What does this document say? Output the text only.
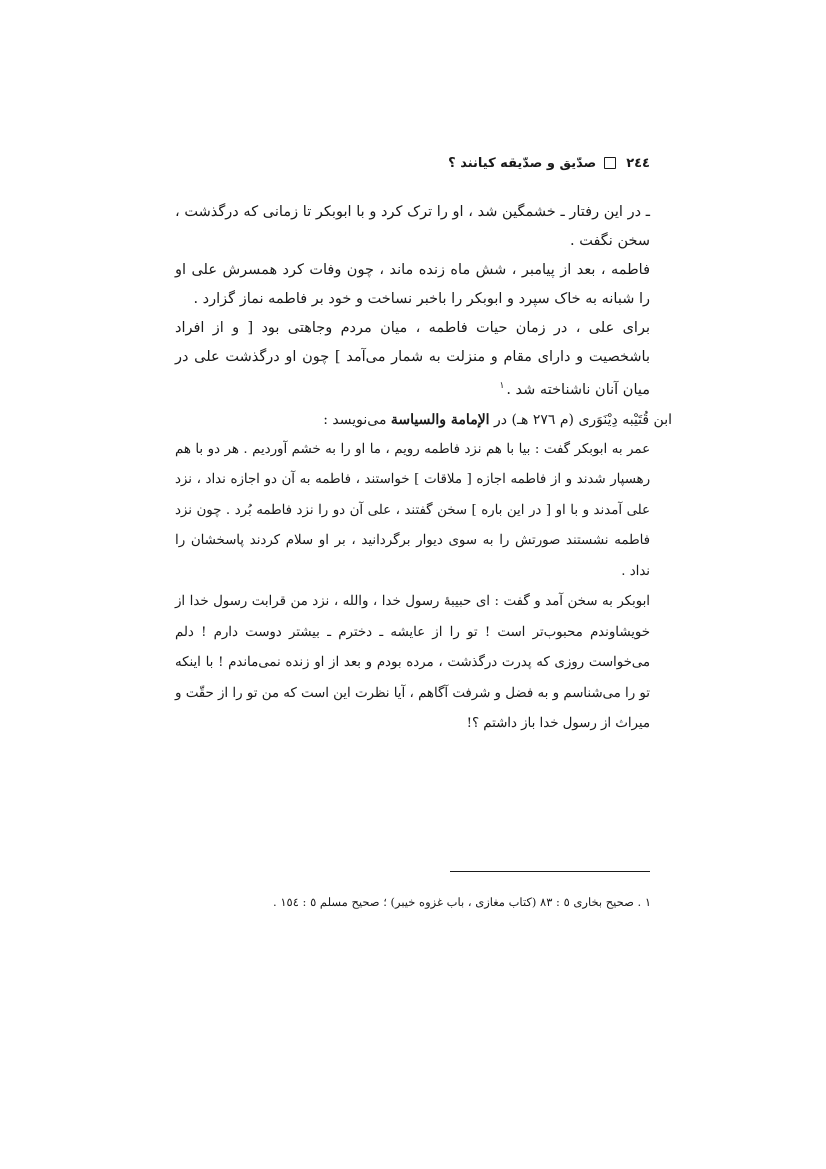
٢٤٤
صدّيق و صدّيقه كيانند ؟

ـ در اين رفتار ـ خشمگين شد ، او را ترک کرد و با ابوبكر تا زمانى كه درگذشت ، سخن نگفت .

فاطمه ، بعد از پيامبر ، شش ماه زنده ماند ، چون وفات كرد همسرش على او را شبانه به خاک سپرد و ابوبكر را باخبر نساخت و خود بر فاطمه نماز گزارد .

براى على ، در زمان حيات فاطمه ، ميان مردم وجاهتى بود [ و از افراد باشخصيت و داراى مقام و منزلت به شمار مى‌آمد ] چون او درگذشت على در ميان آنان ناشناخته شد .$^١$

ابن قُتَيْبه دِيْنَوَرى (م ٢٧٦ هـ) در الإمامة والسياسة مى‌نويسد :

عمر به ابوبكر گفت : بيا با هم نزد فاطمه رويم ، ما او را به خشم آورديم . هر دو با هم رهسپار شدند و از فاطمه اجازه [ ملاقات ] خواستند ، فاطمه به آن دو اجازه نداد ، نزد على آمدند و با او [ در اين باره ] سخن گفتند ، على آن دو را نزد فاطمه بُرد . چون نزد فاطمه نشستند صورتش را به سوى ديوار برگردانيد ، بر او سلام كردند پاسخشان را نداد .

ابوبكر به سخن آمد و گفت : اى حبيبهٔ رسول خدا ، والله ، نزد من قرابت رسول خدا از خويشاوندم محبوب‌تر است ! تو را از عايشه ـ دخترم ـ بيشتر دوست دارم ! دلم مى‌خواست روزى كه پدرت درگذشت ، مرده بودم و بعد از او زنده نمى‌ماندم ! با اينكه تو را مى‌شناسم و به فضل و شرفت آگاهم ، آيا نظرت اين است كه من تو را از حقّت و ميراث از رسول خدا باز داشتم ؟!

١ . صحيح بخارى ٥ : ٨٣ (كتاب مغازى ، باب غزوه خيبر) ؛ صحيح مسلم ٥ : ١٥٤ .
